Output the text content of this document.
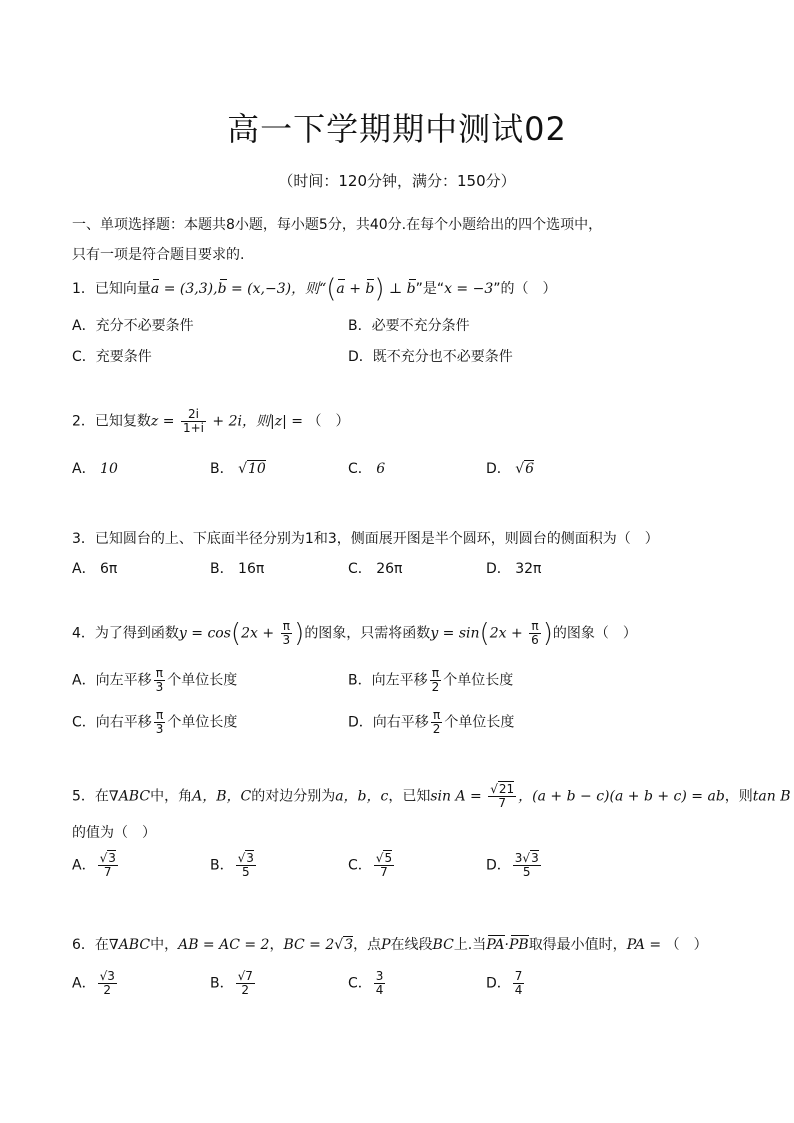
高一下学期期中测试02
（时间：120分钟，满分：150分）
一、单项选择题：本题共8小题，每小题5分，共40分.在每个小题给出的四个选项中，
只有一项是符合题目要求的.
1．已知向量a = (3,3),b = (x,−3)，则“(a + b) ⊥ b”是“x = −3”的（　）
A．充分不必要条件	B．必要不充分条件
C．充要条件	D．既不充分也不必要条件
2．已知复数$z = \frac{2i}{1+i} + 2i$，则|z| = （　）
A． 10	B． √10	C． 6	D． √6
3．已知圆台的上、下底面半径分别为1和3，侧面展开图是半个圆环，则圆台的侧面积为（　）
A． 6π	B． 16π	C． 26π	D． 32π
4．为了得到函数$y = \cos(2x + \frac{\pi}{3}$ )的图象，只需将函数$y = \sin(2x + \frac{\pi}{6}$ )的图象（　）
A．向左平移 $\frac{\pi}{3}$ 个单位长度	B．向左平移 $\frac{\pi}{2}$ 个单位长度
C．向右平移 $\frac{\pi}{3}$ 个单位长度	D．向右平移 $\frac{\pi}{2}$ 个单位长度
5．在∇ABC中，角A，B，C的对边分别为a，b，c，已知$\sin A = \frac{√21}{7}$ ，(a + b − c)(a + b + c) = ab，则tan B
的值为（　）
A． $\frac{√3}{7}$	B． $\frac{√3}{5}$	C． $\frac{√5}{7}$	D． $\frac{3√3}{5}$
6．在∇ABC中，AB = AC = 2，BC = 2√3，点P在线段BC上.当PA·PB取得最小值时，PA = （　）
A． $\frac{√3}{2}$	B． $\frac{√7}{2}$	C． $\frac{3}{4}$	D． $\frac{7}{4}$
